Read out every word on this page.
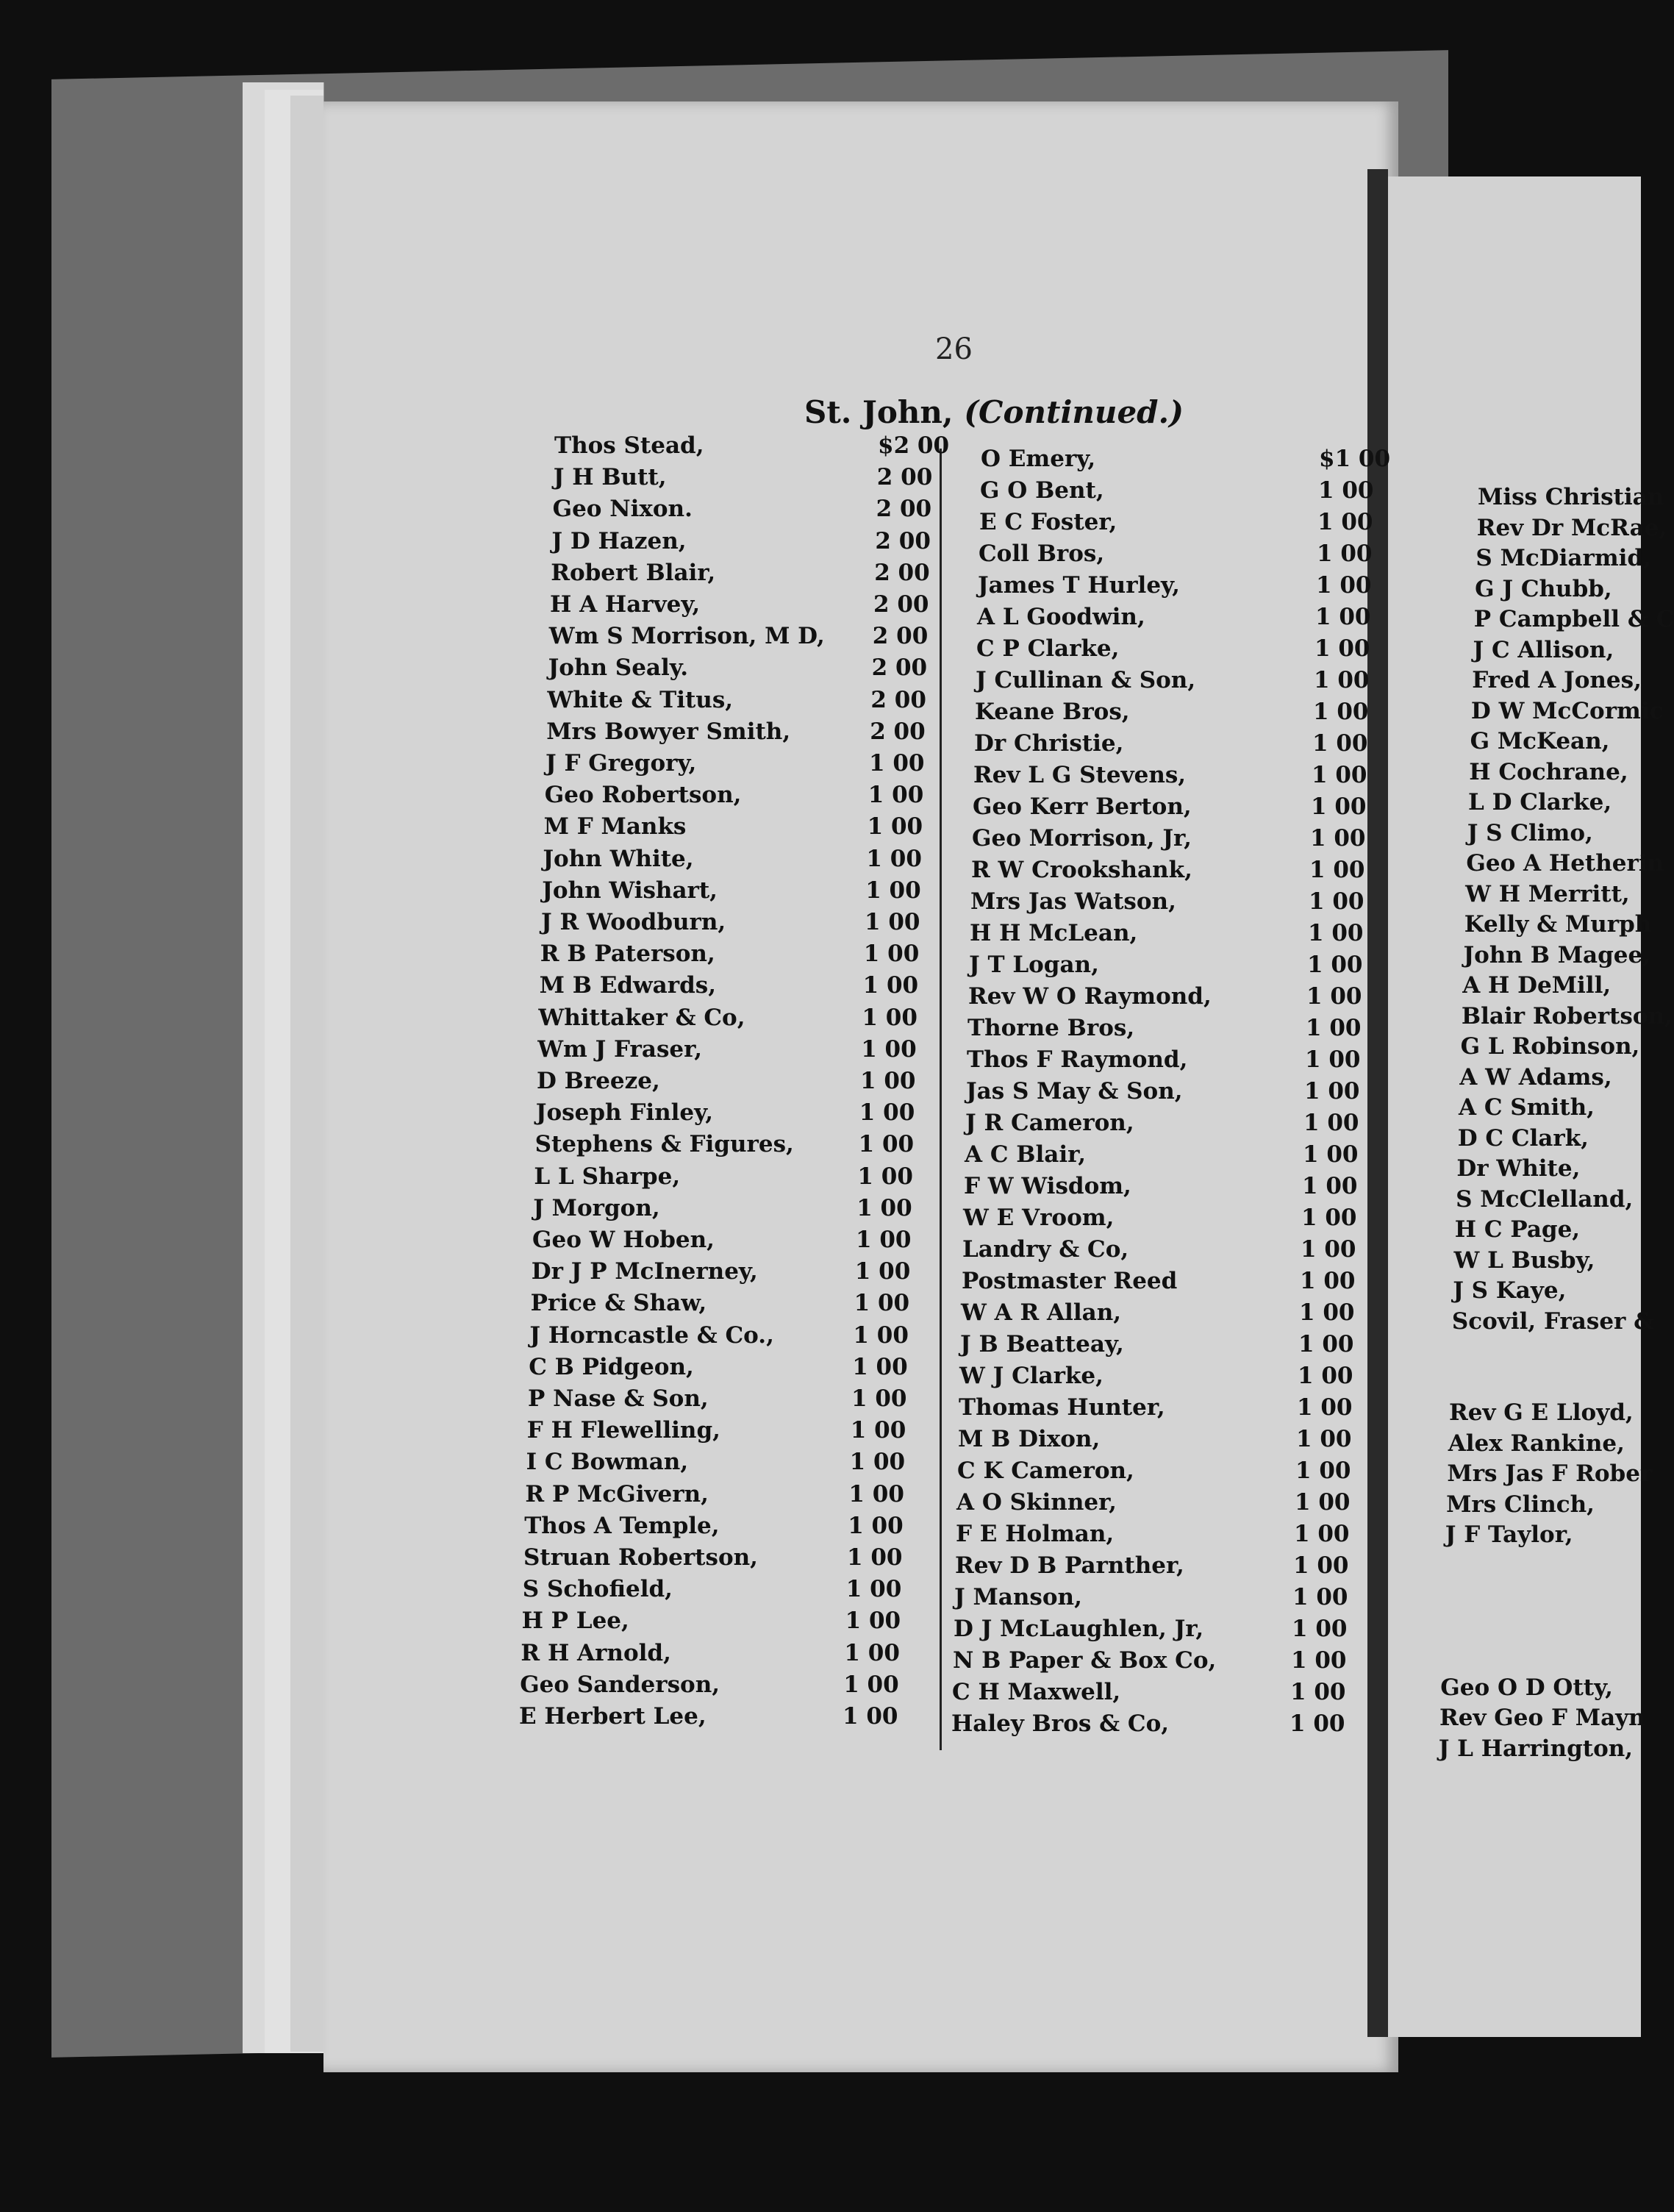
26
St. John, (Continued.)
Thos Stead,	$2 00
J H Butt,	2 00
Geo Nixon.	2 00
J D Hazen,	2 00
Robert Blair,	2 00
H A Harvey,	2 00
Wm S Morrison, M D, 2 00
John Sealy.	2 00
White & Titus,	2 00
Mrs Bowyer Smith,	2 00
J F Gregory,	1 00
Geo Robertson,	1 00
M F Manks	1 00
John White,	1 00
John Wishart,	1 00
J R Woodburn,	1 00
R B Paterson,	1 00
M B Edwards,	1 00
Whittaker & Co,	1 00
Wm J Fraser,	1 00
D Breeze,	1 00
Joseph Finley,	1 00
Stephens & Figures,	1 00
L L Sharpe,	1 00
J Morgon,	1 00
Geo W Hoben,	1 00
Dr J P McInerney,	1 00
Price & Shaw,	1 00
J Horncastle & Co.,	1 00
C B Pidgeon,	1 00
P Nase & Son,	1 00
F H Flewelling,	1 00
I C Bowman,	1 00
R P McGivern,	1 00
Thos A Temple,	1 00
Struan Robertson,	1 00
S Schofield,	1 00
H P Lee,	1 00
R H Arnold,	1 00
Geo Sanderson,	1 00
E Herbert Lee,	1 00
O Emery,	$1 00
G O Bent,	1 00
E C Foster,	1 00
Coll Bros,	1 00
James T Hurley,	1 00
A L Goodwin,	1 00
C P Clarke,	1 00
J Cullinan & Son,	1 00
Keane Bros,	1 00
Dr Christie,	1 00
Rev L G Stevens,	1 00
Geo Kerr Berton,	1 00
Geo Morrison, Jr,	1 00
R W Crookshank,	1 00
Mrs Jas Watson,	1 00
H H McLean,	1 00
J T Logan,	1 00
Rev W O Raymond,	1 00
Thorne Bros,	1 00
Thos F Raymond,	1 00
Jas S May & Son,	1 00
J R Cameron,	1 00
A C Blair,	1 00
F W Wisdom,	1 00
W E Vroom,	1 00
Landry & Co,	1 00
Postmaster Reed	1 00
W A R Allan,	1 00
J B Beatteay,	1 00
W J Clarke,	1 00
Thomas Hunter,	1 00
M B Dixon,	1 00
C K Cameron,	1 00
A O Skinner,	1 00
F E Holman,	1 00
Rev D B Parnther,	1 00
J Manson,	1 00
D J McLaughlen, Jr,	1 00
N B Paper & Box Co,	1 00
C H Maxwell,	1 00
Haley Bros & Co,	1 00
Miss Christian
Rev Dr McRae,
S McDiarmid,
G J Chubb,
P Campbell & C
J C Allison,
Fred A Jones,
D W McCormic
G McKean,
H Cochrane,
L D Clarke,
J S Climo,
Geo A Hetherin
W H Merritt,
Kelly & Murph
John B Magee,
A H DeMill,
Blair Robertson,
G L Robinson,
A W Adams,
A C Smith,
D C Clark,
Dr White,
S McClelland,
H C Page,
W L Busby,
J S Kaye,
Scovil, Fraser &
Rev G E Lloyd,
Alex Rankine,
Mrs Jas F Rober
Mrs Clinch,
J F Taylor,
Geo O D Otty,
Rev Geo F Mayn
J L Harrington,
